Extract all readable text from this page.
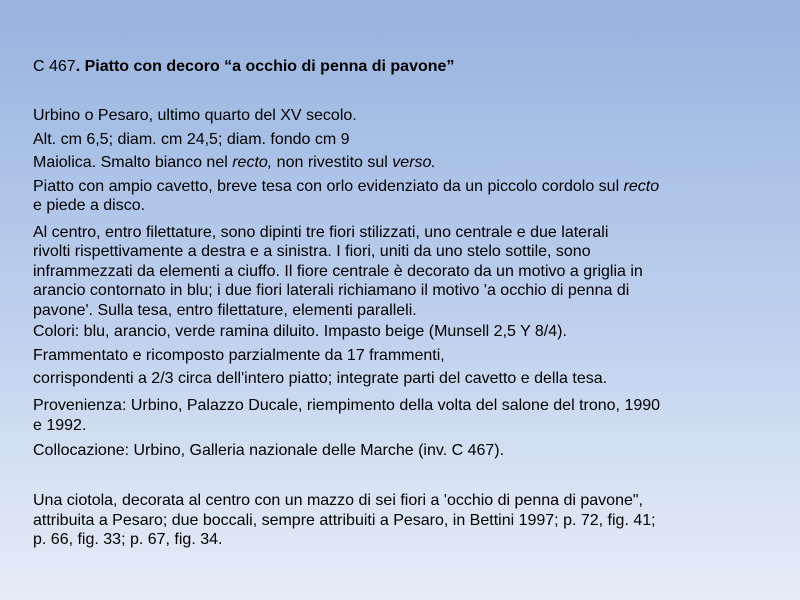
C 467. Piatto con decoro “a occhio di penna di pavone”
Urbino o Pesaro, ultimo quarto del XV secolo.
Alt. cm 6,5; diam. cm 24,5; diam. fondo cm 9
Maiolica. Smalto bianco nel recto, non rivestito sul verso.
Piatto con ampio cavetto, breve tesa con orlo evidenziato da un piccolo cordolo sul recto
e piede a disco.
Al centro, entro filettature, sono dipinti tre fiori stilizzati, uno centrale e due laterali
rivolti rispettivamente a destra e a sinistra. I fiori, uniti da uno stelo sottile, sono
inframmezzati da elementi a ciuffo. Il fiore centrale è decorato da un motivo a griglia in
arancio contornato in blu; i due fiori laterali richiamano il motivo 'a occhio di penna di
pavone'. Sulla tesa, entro filettature, elementi paralleli.
Colori: blu, arancio, verde ramina diluito. Impasto beige (Munsell 2,5 Y 8/4).
Frammentato e ricomposto parzialmente da 17 frammenti,
corrispondenti a 2/3 circa dell'intero piatto; integrate parti del cavetto e della tesa.
Provenienza: Urbino, Palazzo Ducale, riempimento della volta del salone del trono, 1990
e 1992.
Collocazione: Urbino, Galleria nazionale delle Marche (inv. C 467).
Una ciotola, decorata al centro con un mazzo di sei fiori a 'occhio di penna di pavone",
attribuita a Pesaro; due boccali, sempre attribuiti a Pesaro, in Bettini 1997; p. 72, fig. 41;
p. 66, fig. 33; p. 67, fig. 34.
